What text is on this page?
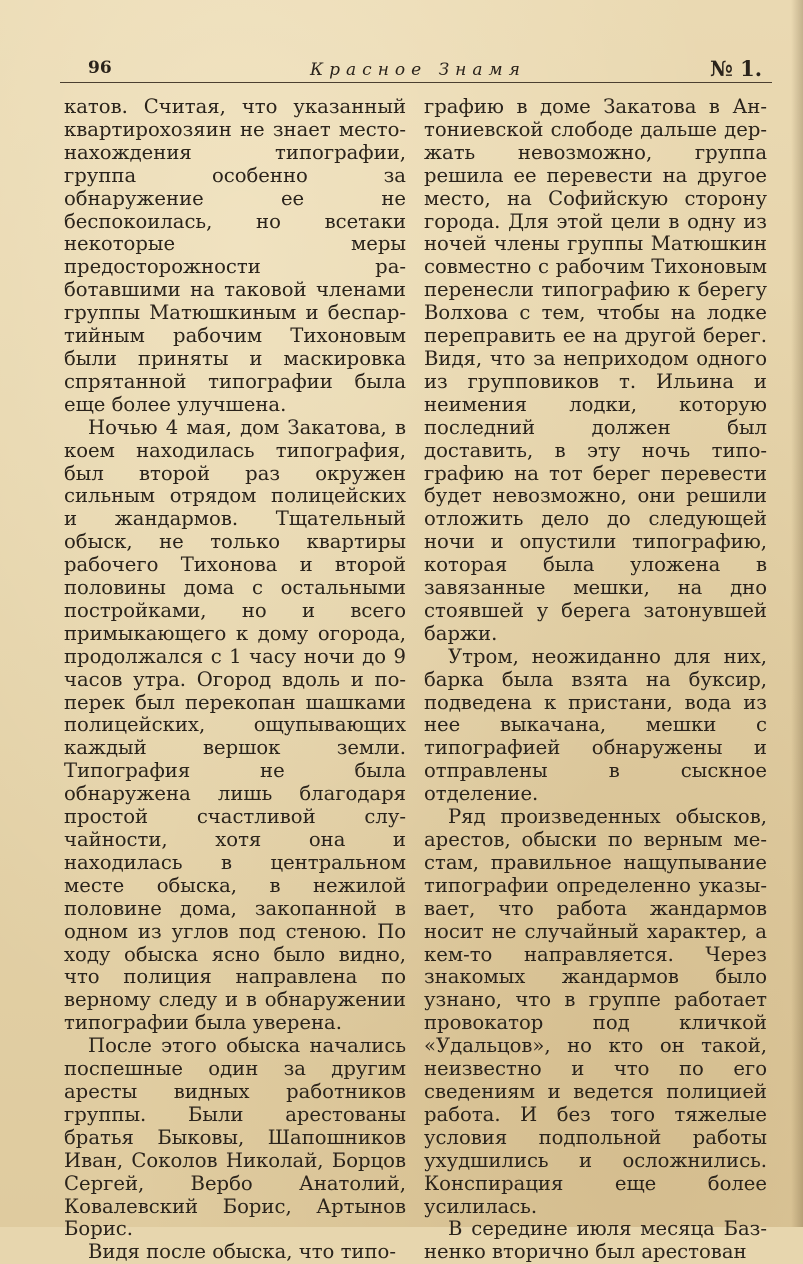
96	Красное Знамя	№ 1.

катов. Считая, что указанный квартирохозяин не знает местонахождения типографии, группа особенно за обнаружение ее не беспокоилась, но всетаки некоторые меры предосторожности работавшими на таковой членами группы Матюшкиным и беспартийным рабочим Тихоновым были приняты и маскировка спрятанной типографии была еще более улучшена.

Ночью 4 мая, дом Закатова, в коем находилась типография, был второй раз окружен сильным отрядом полицейских и жандармов. Тщательный обыск, не только квартиры рабочего Тихонова и второй половины дома с остальными постройками, но и всего примыкающего к дому огорода, продолжался с 1 часу ночи до 9 часов утра. Огород вдоль и поперек был перекопан шашками полицейских, ощупывающих каждый вершок земли. Типография не была обнаружена лишь благодаря простой счастливой случайности, хотя она и находилась в центральном месте обыска, в нежилой половине дома, закопанной в одном из углов под стеною. По ходу обыска ясно было видно, что полиция направлена по верному следу и в обнаружении типографии была уверена.

После этого обыска начались поспешные один за другим аресты видных работников группы. Были арестованы братья Быковы, Шапошников Иван, Соколов Николай, Борцов Сергей, Вербо Анатолий, Ковалевский Борис, Артынов Борис.

Видя после обыска, что типо-

графию в доме Закатова в Антониевской слободе дальше держать невозможно, группа решила ее перевести на другое место, на Софийскую сторону города. Для этой цели в одну из ночей члены группы Матюшкин совместно с рабочим Тихоновым перенесли типографию к берегу Волхова с тем, чтобы на лодке переправить ее на другой берег. Видя, что за неприходом одного из групповиков т. Ильина и неимения лодки, которую последний должен был доставить, в эту ночь типографию на тот берег перевести будет невозможно, они решили отложить дело до следующей ночи и опустили типографию, которая была уложена в завязанные мешки, на дно стоявшей у берега затонувшей баржи.

Утром, неожиданно для них, барка была взята на буксир, подведена к пристани, вода из нее выкачана, мешки с типографией обнаружены и отправлены в сыскное отделение.

Ряд произведенных обысков, арестов, обыски по верным местам, правильное нащупывание типографии определенно указывает, что работа жандармов носит не случайный характер, а кем-то направляется. Через знакомых жандармов было узнано, что в группе работает провокатор под кличкой «Удальцов», но кто он такой, неизвестно и что по его сведениям и ведется полицией работа. И без того тяжелые условия подпольной работы ухудшились и осложнились. Конспирация еще более усилилась.

В середине июля месяца Базненко вторично был арестован
